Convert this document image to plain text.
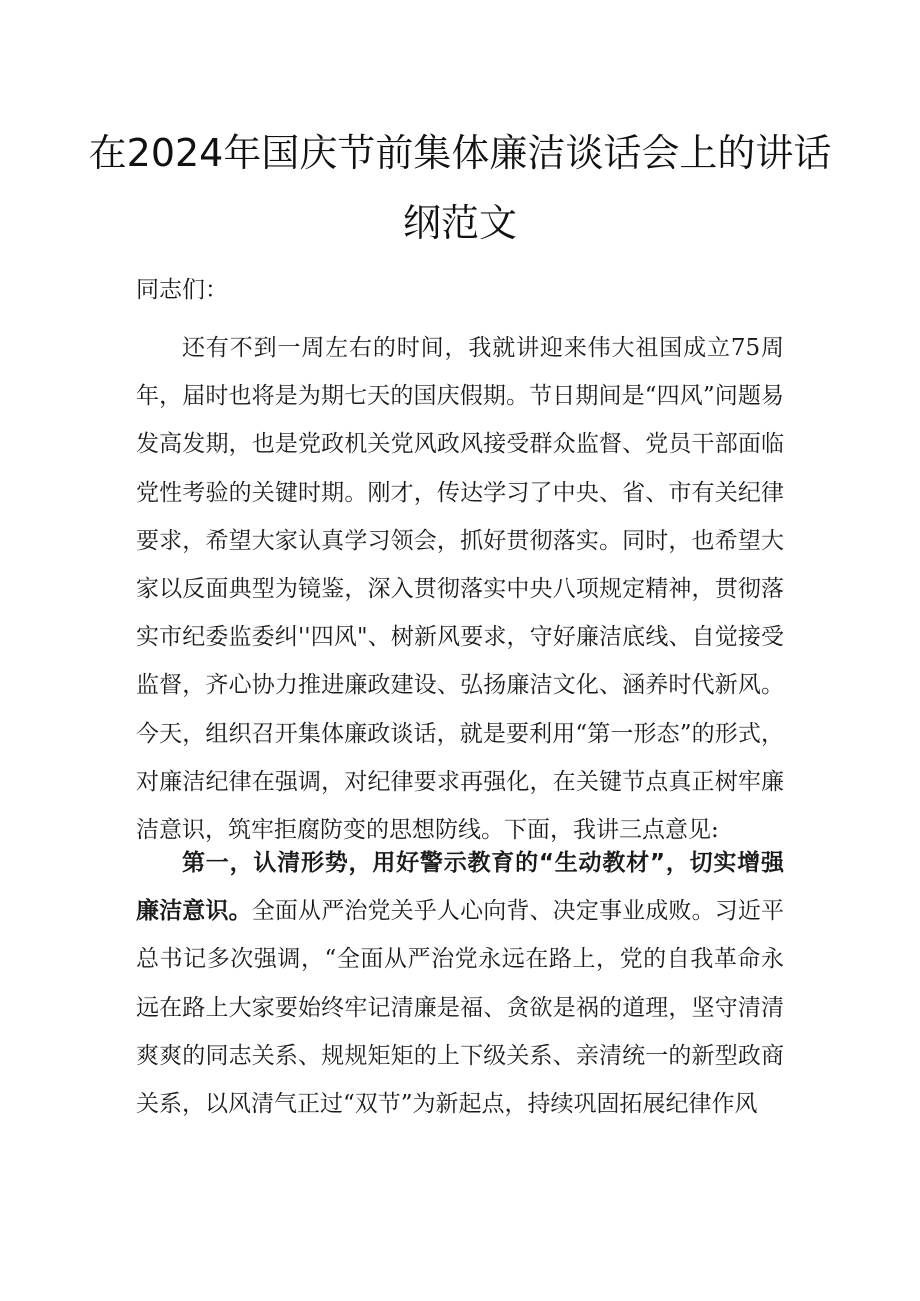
在2024年国庆节前集体廉洁谈话会上的讲话
纲范文
同志们：

还有不到一周左右的时间，我就讲迎来伟大祖国成立75周年，届时也将是为期七天的国庆假期。节日期间是“四风”问题易发高发期，也是党政机关党风政风接受群众监督、党员干部面临党性考验的关键时期。刚才，传达学习了中央、省、市有关纪律要求，希望大家认真学习领会，抓好贯彻落实。同时，也希望大家以反面典型为镜鉴，深入贯彻落实中央八项规定精神，贯彻落实市纪委监委纠''四风"、树新风要求，守好廉洁底线、自觉接受监督，齐心协力推进廉政建设、弘扬廉洁文化、涵养时代新风。今天，组织召开集体廉政谈话，就是要利用“第一形态”的形式，对廉洁纪律在强调，对纪律要求再强化，在关键节点真正树牢廉洁意识，筑牢拒腐防变的思想防线。下面，我讲三点意见:

第一，认清形势，用好警示教育的“生动教材”，切实增强廉洁意识。全面从严治党关乎人心向背、决定事业成败。习近平总书记多次强调，“全面从严治党永远在路上，党的自我革命永远在路上大家要始终牢记清廉是福、贪欲是祸的道理，坚守清清爽爽的同志关系、规规矩矩的上下级关系、亲清统一的新型政商关系，以风清气正过“双节”为新起点，持续巩固拓展纪律作风
